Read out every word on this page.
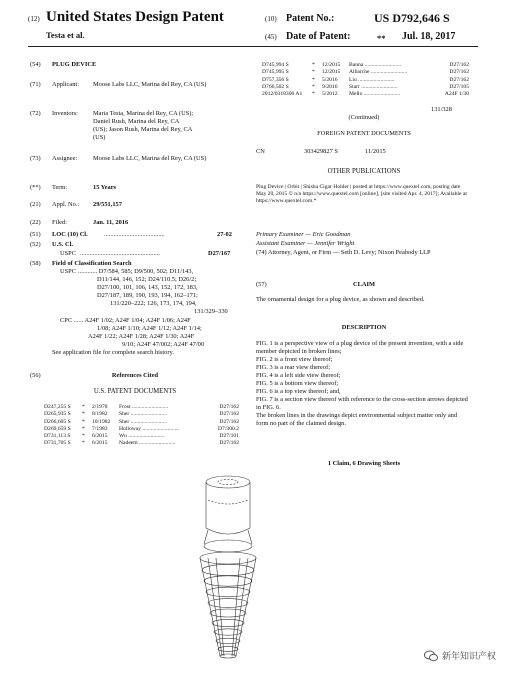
(12) United States Design Patent
Testa et al.
(10) Patent No.:	US D792,646 S
(45) Date of Patent:	** Jul. 18, 2017
(54) PLUG DEVICE
(71) Applicant: Moose Labs LLC, Marina del Rey, CA (US)
(72) Inventors: Maria Testa, Marina del Rey, CA (US);
Daniel Rush, Marina del Rey, CA
(US); Jason Rush, Marina del Rey, CA
(US)
(73) Assignee: Moose Labs LLC, Marina del Rey, CA (US)
(**) Term:	15 Years
(21) Appl. No.: 29/551,157
(22) Filed:	Jan. 11, 2016
(51) LOC (10) Cl.	......................................	27-02
(52) U.S. Cl.
USPC ..................................................	D27/167
(58) Field of Classification Search
USPC ............ D7/584, 585; D9/500, 502; D11/143,
D11/144, 146, 152; D24/110.5; D26/2;
D27/100, 101, 106, 143, 152, 172, 183,
D27/187, 189, 190, 193, 194, 162–171;
131/220–222; 126, 173, 174, 194,
131/329–330
CPC ...... A24F 1/02; A24F 1/04; A24F 1/06; A24F
1/08; A24F 1/10; A24F 1/12; A24F 1/14;
A24F 1/22; A24F 1/28; A24F 1/30; A24F
9/10; A24F 47/002; A24F 47/00
See application file for complete search history.
(56)	References Cited
U.S. PATENT DOCUMENTS
D247,255 S	*	2/1978	Frost ..........................	D27/162
D265,935 S	*	8/1982	Sher ..........................	D27/162
D266,605 S	*	10/1982	Sher ..........................	D27/162
D269,659 S	*	7/1983	Holloway ..........................	D7/300.2
D731,113 S	*	6/2015	Wu ..........................	D27/101
D731,705 S	*	6/2015	Nadeem ..........................	D27/162
D745,994 S	*	12/2015	Banna ..........................	D27/162
D745,995 S	*	12/2015	Albarche ..........................	D27/162
D757,356 S	*	5/2016	Liu ..........................	D27/162
D766,502 S	*	9/2016	Starr ..........................	D27/105
2012/0318306 A1	*	5/2012	Mello ..........................	A24F 1/30
131/328
(Continued)
FOREIGN PATENT DOCUMENTS
CN	303429827 S	11/2015
OTHER PUBLICATIONS
Plug Device | Orbit | Shisha Cigar Holder | posted at https://www.quextel.com, posting date May 20, 2015 © n/a https://www.quextel.com [online], [site visited Apr. 4, 2017]; Available at https://www.quextel.com.*
Primary Examiner — Eric Goodman
Assistant Examiner — Jennifer Wright
(74) Attorney, Agent, or Firm — Seth D. Levy; Nixon Peabody LLP
(57)	CLAIM
The ornamental design for a plug device, as shown and described.
DESCRIPTION

FIG. 1 is a perspective view of a plug device of the present invention, with a side member depicted in broken lines;

FIG. 2 is a front view thereof;

FIG. 3 is a rear view thereof;

FIG. 4 is a left side view thereof;

FIG. 5 is a bottom view thereof;

FIG. 6 is a top view thereof; and,

FIG. 7 is a section view thereof with reference to the cross-section arrows depicted in FIG. 6.

The broken lines in the drawings depict environmental subject matter only and form no part of the claimed design.

1 Claim, 6 Drawing Sheets
新年知识产权
